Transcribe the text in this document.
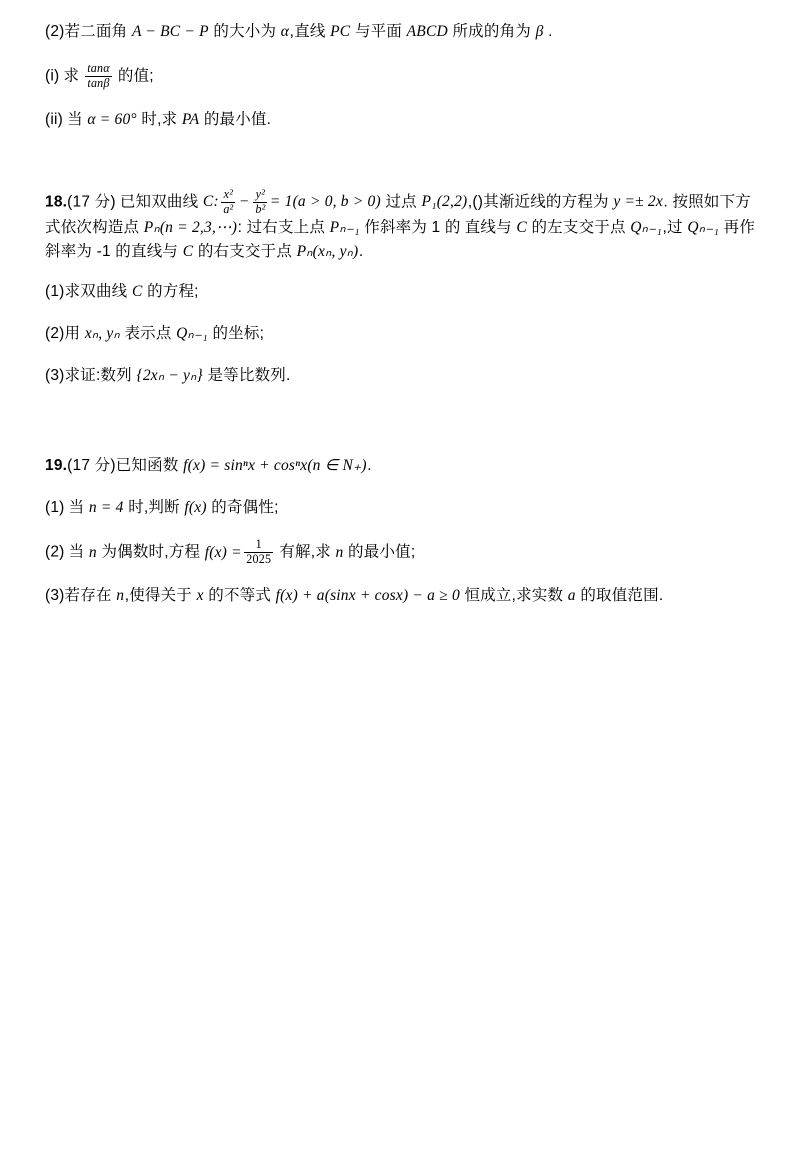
(2)若二面角 A − BC − P 的大小为 α,直线 PC 与平面 ABCD 所成的角为 β .

(i) 求 $\frac{\tan\alpha}{\tan\beta}$ 的值;

(ii) 当 α = 60° 时,求 PA 的最小值.

18.(17 分) 已知双曲线 C: $\frac{\text{x²}}{\text{a²}} - \frac{\text{y²}}{\text{b²}} = 1(a > 0$, b > 0) 过点 P₁(2,2),()其渐近线的方程为 y =± 2x. 按照如下方式依次构造点 Pₙ(n = 2,3,⋯): 过右支上点 Pₙ₋₁ 作斜率为 1 的 直线与 C 的左支交于点 Qₙ₋₁,过 Qₙ₋₁ 再作斜率为 -1 的直线与 C 的右支交于点 Pₙ(xₙ, yₙ).

(1)求双曲线 C 的方程;

(2)用 xₙ, yₙ 表示点 Qₙ₋₁ 的坐标;

(3)求证:数列 {2xₙ − yₙ} 是等比数列.

19.(17 分)已知函数 f(x) = sinⁿx + cosⁿx(n ∈ N₊).

(1) 当 n = 4 时,判断 f(x) 的奇偶性;

(2) 当 n 为偶数时,方程 $f(x) = \frac{1}{2025}$ 有解,求 n 的最小值;

(3)若存在 n,使得关于 x 的不等式 f(x) + a(sinx + cosx) − a ≥ 0 恒成立,求实数 a 的取值范围.
